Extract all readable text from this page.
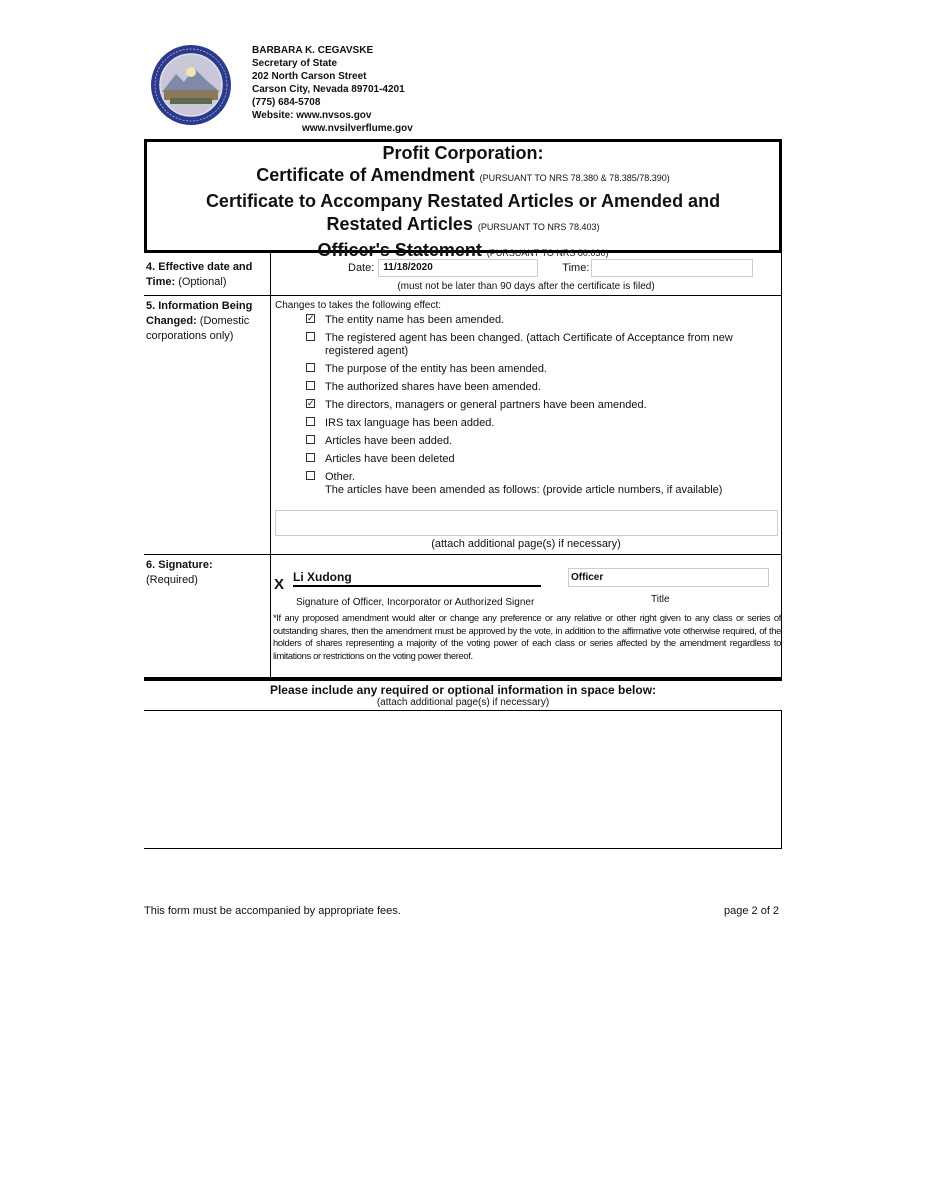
BARBARA K. CEGAVSKE
Secretary of State
202 North Carson Street
Carson City, Nevada 89701-4201
(775) 684-5708
Website: www.nvsos.gov
www.nvsilverflume.gov
Profit Corporation:
Certificate of Amendment (PURSUANT TO NRS 78.380 & 78.385/78.390)
Certificate to Accompany Restated Articles or Amended and
Restated Articles (PURSUANT TO NRS 78.403)
Officer's Statement (PURSUANT TO NRS 80.030)
4. Effective date and Time: (Optional)
Date: 11/18/2020	Time:
(must not be later than 90 days after the certificate is filed)
5. Information Being Changed: (Domestic corporations only)
Changes to takes the following effect:
✓ The entity name has been amended.
The registered agent has been changed. (attach Certificate of Acceptance from new registered agent)
The purpose of the entity has been amended.
The authorized shares have been amended.
✓ The directors, managers or general partners have been amended.
IRS tax language has been added.
Articles have been added.
Articles have been deleted
Other.
The articles have been amended as follows: (provide article numbers, if available)
(attach additional page(s) if necessary)
6. Signature:
(Required)	X Li Xudong	Officer
Signature of Officer, Incorporator or Authorized Signer	Title
*If any proposed amendment would alter or change any preference or any relative or other right given to any class or series of outstanding shares, then the amendment must be approved by the vote, in addition to the affirmative vote otherwise required, of the holders of shares representing a majority of the voting power of each class or series affected by the amendment regardless to limitations or restrictions on the voting power thereof.
Please include any required or optional information in space below:
(attach additional page(s) if necessary)
This form must be accompanied by appropriate fees.	page 2 of 2
